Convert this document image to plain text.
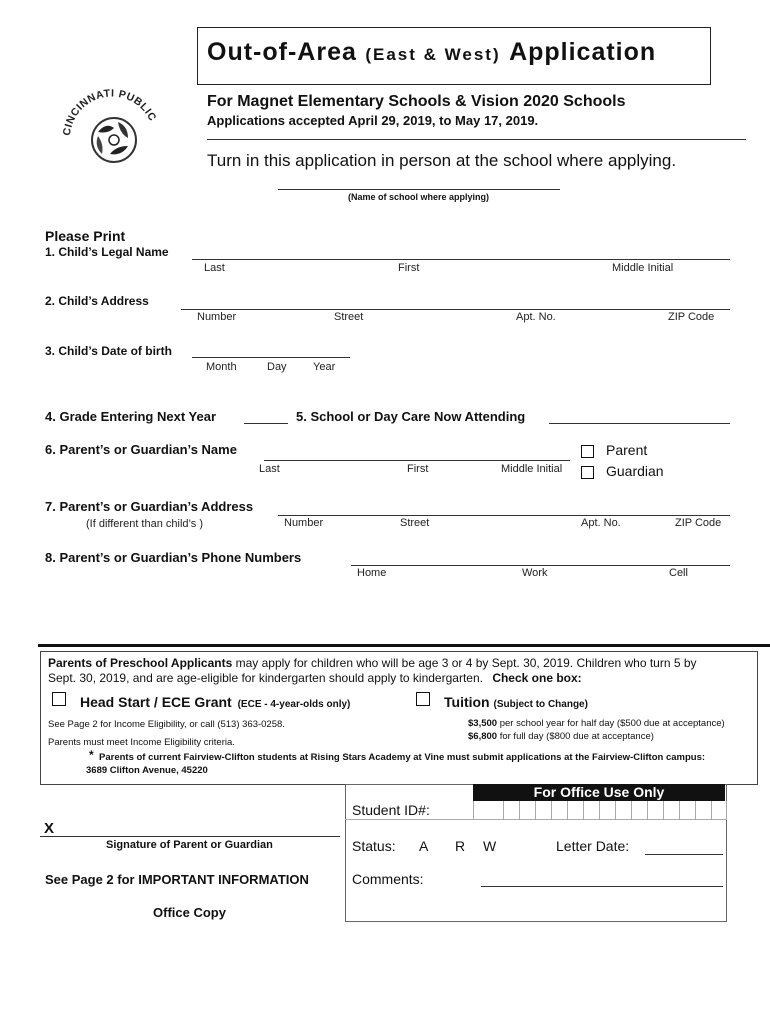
Out-of-Area (East & West) Application
CINCINNATI PUBLIC
For Magnet Elementary Schools & Vision 2020 Schools
Applications accepted April 29, 2019, to May 17, 2019.
Turn in this application in person at the school where applying.
(Name of school where applying)
Please Print
1. Child’s Legal Name
Last	First	Middle Initial
2. Child’s Address
Number	Street	Apt. No.	ZIP Code
3. Child’s Date of birth
Month	Day Year
4. Grade Entering Next Year	5. School or Day Care Now Attending
6. Parent’s or Guardian’s Name
Last	First	Middle Initial
Parent
Guardian
7. Parent’s or Guardian’s Address
(If different than child’s )	Number	Street	Apt. No.	ZIP Code
8. Parent’s or Guardian’s Phone Numbers
Home	Work	Cell
Parents of Preschool Applicants may apply for children who will be age 3 or 4 by Sept. 30, 2019. Children who turn 5 by
Sept. 30, 2019, and are age-eligible for kindergarten should apply to kindergarten. Check one box:
Head Start / ECE Grant (ECE - 4-year-olds only)	Tuition (Subject to Change)
See Page 2 for Income Eligibility, or call (513) 363-0258.
Parents must meet Income Eligibility criteria.
$3,500 per school year for half day ($500 due at acceptance)
$6,800 for full day ($800 due at acceptance)
* Parents of current Fairview-Clifton students at Rising Stars Academy at Vine must submit applications at the Fairview-Clifton campus:
3689 Clifton Avenue, 45220
X
Signature of Parent or Guardian
See Page 2 for IMPORTANT INFORMATION
Office Copy
For Office Use Only
Student ID#:
Status: A R W	Letter Date:
Comments:
